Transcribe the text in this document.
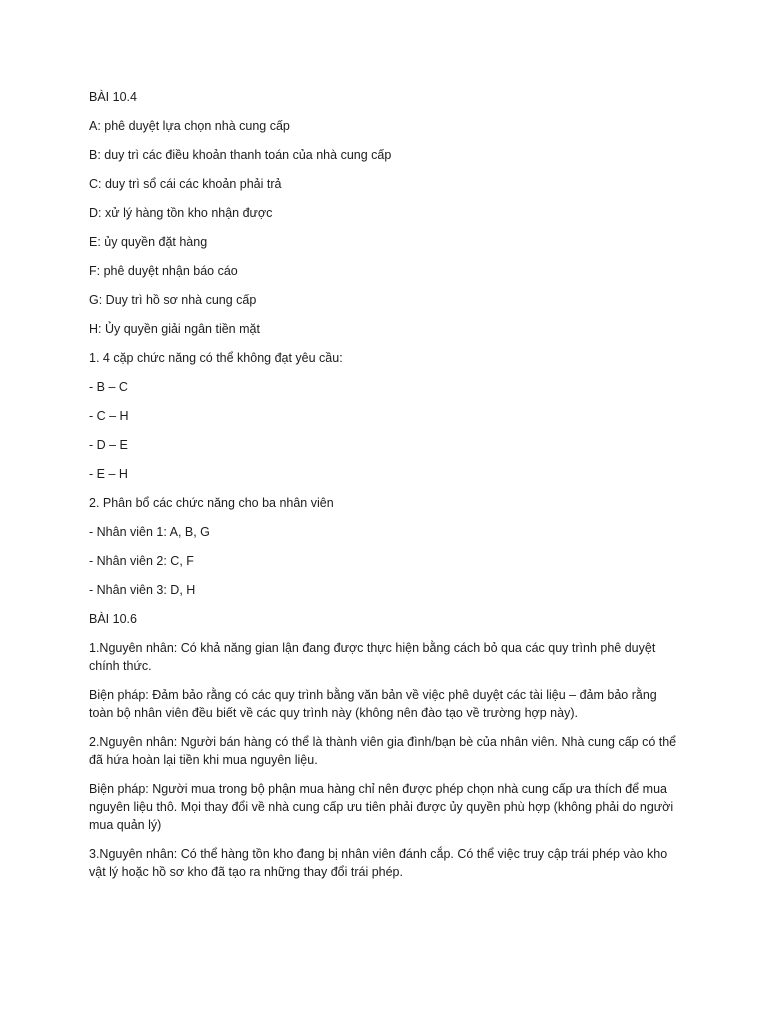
BÀI 10.4

A: phê duyệt lựa chọn nhà cung cấp

B: duy trì các điều khoản thanh toán của nhà cung cấp

C: duy trì sổ cái các khoản phải trả

D: xử lý hàng tồn kho nhận được

E: ủy quyền đặt hàng

F: phê duyệt nhận báo cáo

G: Duy trì hồ sơ nhà cung cấp

H: Ủy quyền giải ngân tiền mặt

1. 4 cặp chức năng có thể không đạt yêu cầu:

- B – C

- C – H

- D – E

- E – H

2. Phân bổ các chức năng cho ba nhân viên

- Nhân viên 1: A, B, G

- Nhân viên 2: C, F

- Nhân viên 3: D, H

BÀI 10.6

1.Nguyên nhân: Có khả năng gian lận đang được thực hiện bằng cách bỏ qua các quy trình phê duyệt chính thức.

Biện pháp: Đảm bảo rằng có các quy trình bằng văn bản về việc phê duyệt các tài liệu – đảm bảo rằng toàn bộ nhân viên đều biết về các quy trình này (không nên đào tạo về trường hợp này).

2.Nguyên nhân: Người bán hàng có thể là thành viên gia đình/bạn bè của nhân viên. Nhà cung cấp có thể đã hứa hoàn lại tiền khi mua nguyên liệu.

Biện pháp: Người mua trong bộ phận mua hàng chỉ nên được phép chọn nhà cung cấp ưa thích để mua nguyên liệu thô. Mọi thay đổi về nhà cung cấp ưu tiên phải được ủy quyền phù hợp (không phải do người mua quản lý)

3.Nguyên nhân: Có thể hàng tồn kho đang bị nhân viên đánh cắp. Có thể việc truy cập trái phép vào kho vật lý hoặc hồ sơ kho đã tạo ra những thay đổi trái phép.
